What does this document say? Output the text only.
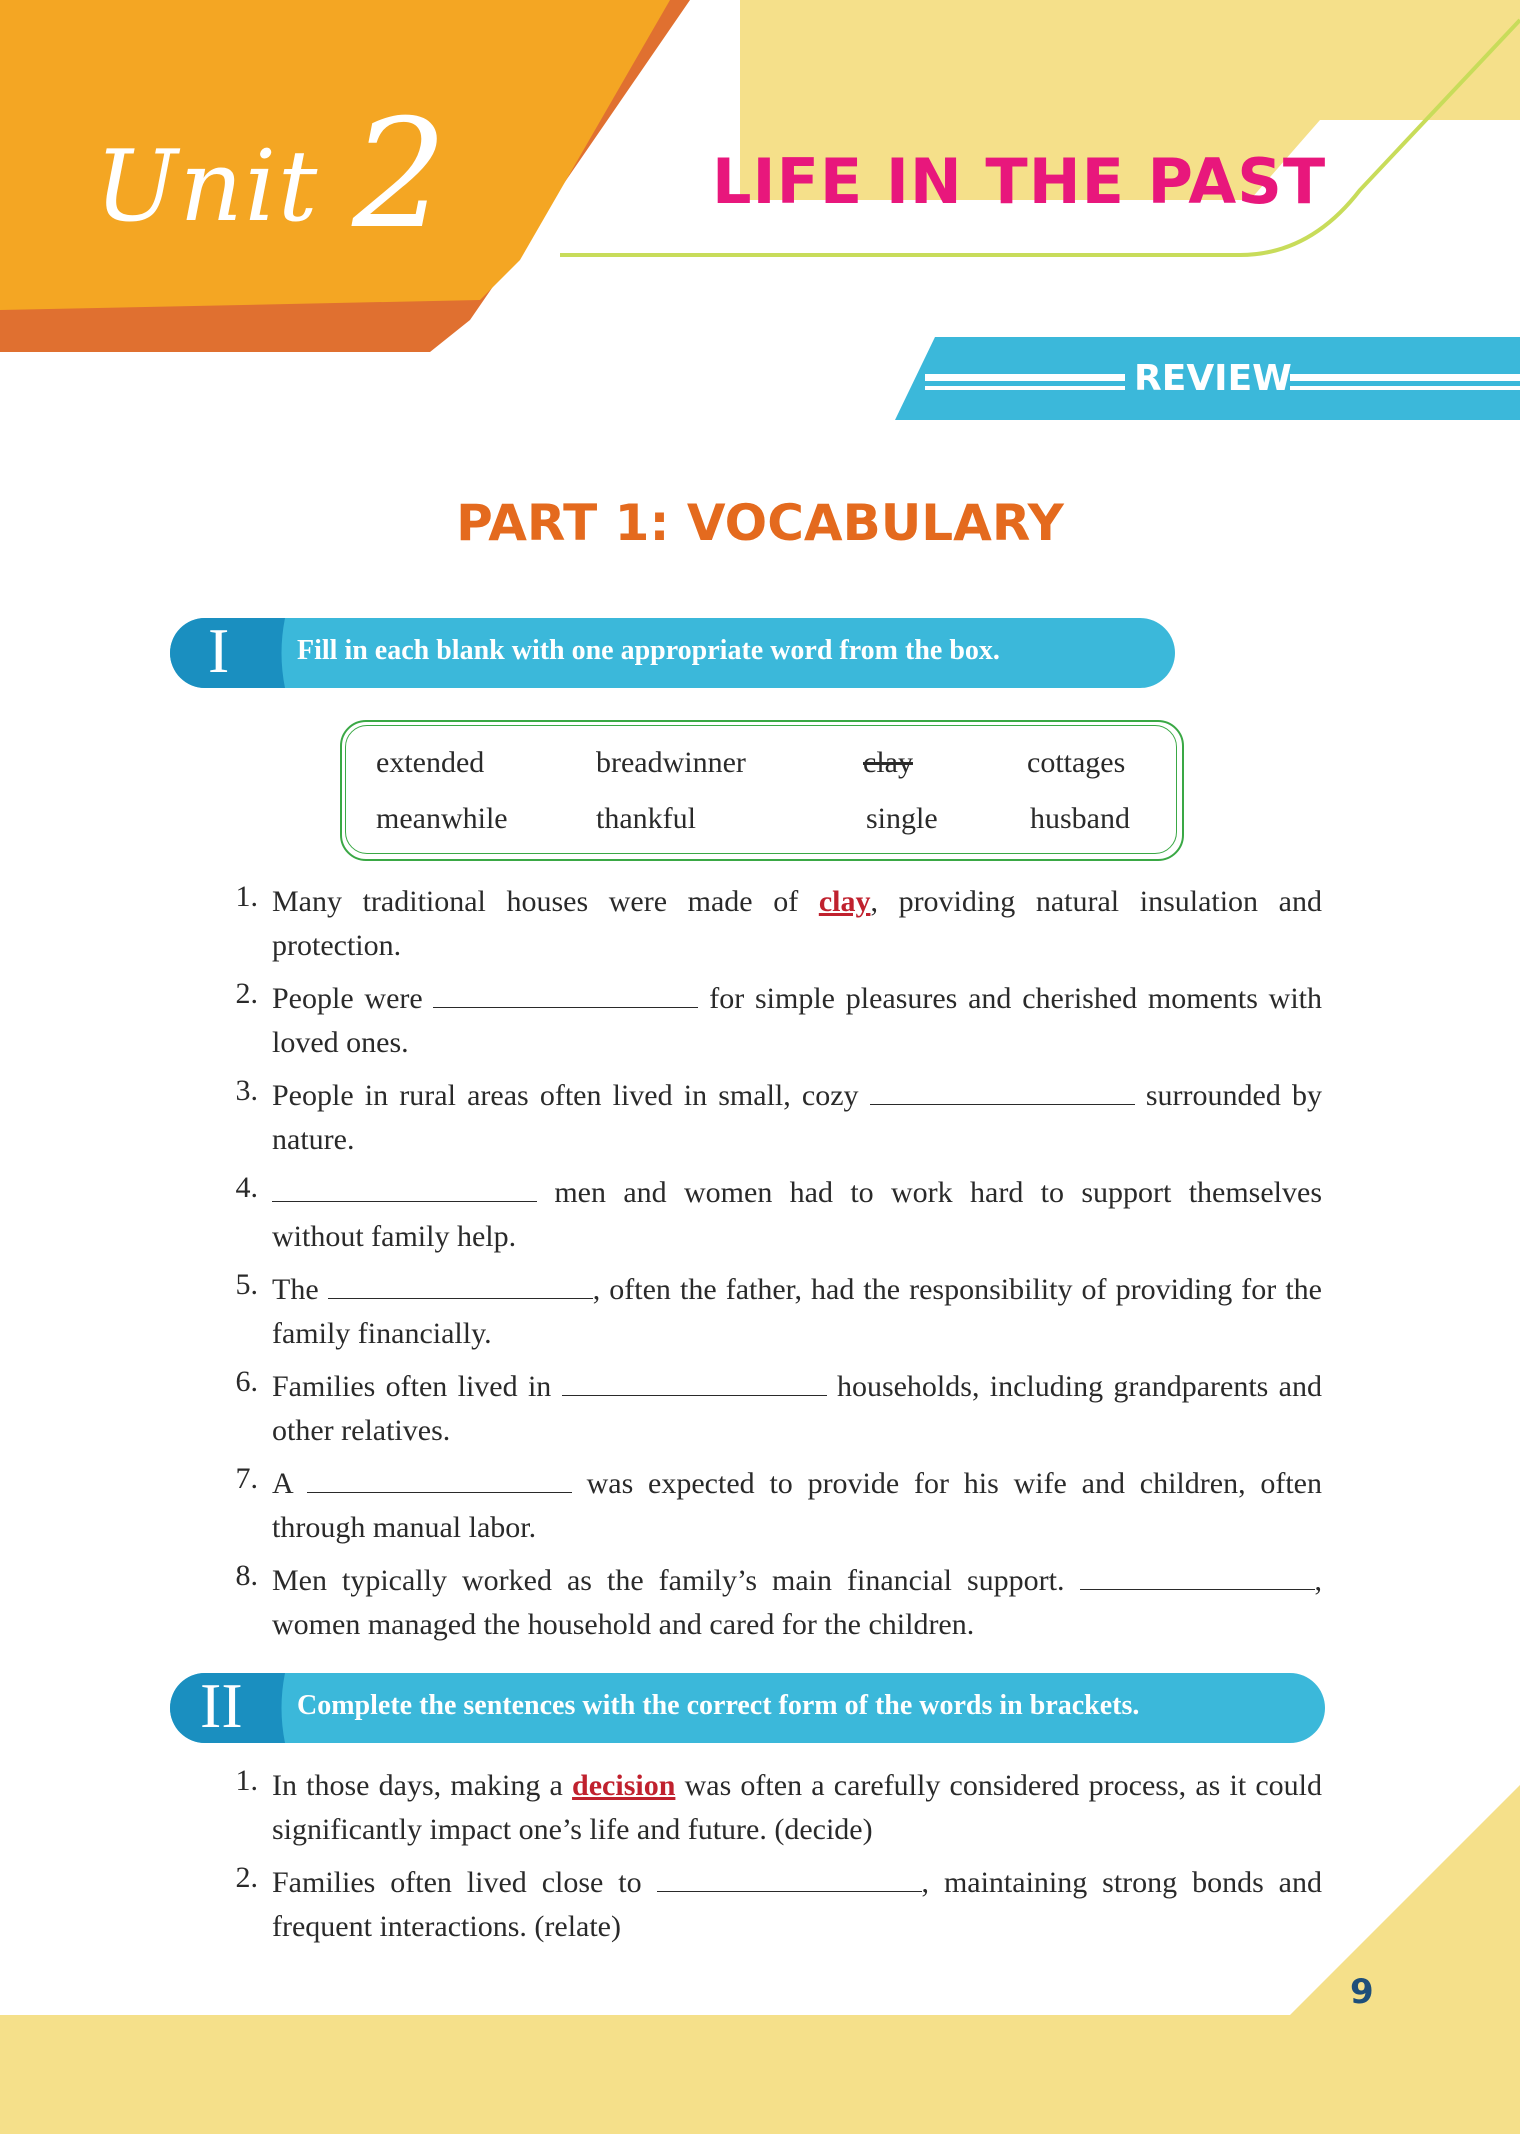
Unit 2	LIFE IN THE PAST
REVIEW
PART 1: VOCABULARY
I Fill in each blank with one appropriate word from the box.
extended	breadwinner	clay	cottages
meanwhile	thankful	single	husband
1. Many traditional houses were made of clay, providing natural insulation and protection.
2. People were	for simple pleasures and cherished moments with loved ones.
3. People in rural areas often lived in small, cozy	surrounded by nature.
4.	men and women had to work hard to support themselves without family help.
5. The	, often the father, had the responsibility of providing for the family financially.
6. Families often lived in	households, including grandparents and other relatives.
7. A	was expected to provide for his wife and children, often through manual labor.
8. Men typically worked as the family’s main financial support.	, women managed the household and cared for the children.
II Complete the sentences with the correct form of the words in brackets.
1. In those days, making a decision was often a carefully considered process, as it could significantly impact one’s life and future. (decide)
2. Families often lived close to	, maintaining strong bonds and frequent interactions. (relate)
9
